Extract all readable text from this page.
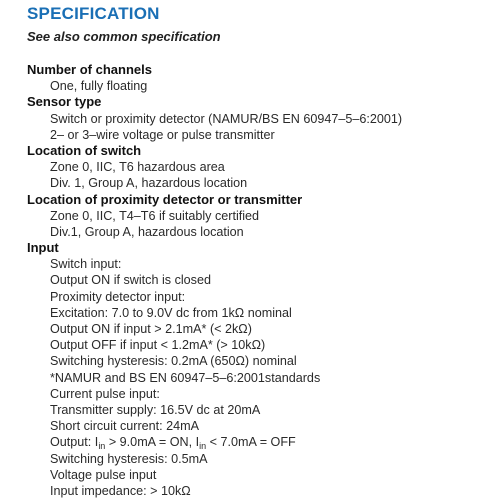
SPECIFICATION
See also common specification
Number of channels
One, fully floating
Sensor type
Switch or proximity detector (NAMUR/BS EN 60947–5–6:2001)
2– or 3–wire voltage or pulse transmitter
Location of switch
Zone 0, IIC, T6 hazardous area
Div. 1, Group A, hazardous location
Location of proximity detector or transmitter
Zone 0, IIC, T4–T6 if suitably certified
Div.1, Group A, hazardous location
Input
Switch input:
Output ON if switch is closed
Proximity detector input:
Excitation: 7.0 to 9.0V dc from 1kΩ nominal
Output ON if input > 2.1mA* (< 2kΩ)
Output OFF if input < 1.2mA* (> 10kΩ)
Switching hysteresis: 0.2mA (650Ω) nominal
*NAMUR and BS EN 60947–5–6:2001standards
Current pulse input:
Transmitter supply: 16.5V dc at 20mA
Short circuit current: 24mA
Output: $I_{in} > 9.0mA$ = ON, $I_{in} < 7.0mA$ = OFF
Switching hysteresis: 0.5mA
Voltage pulse input
Input impedance: > 10kΩ
